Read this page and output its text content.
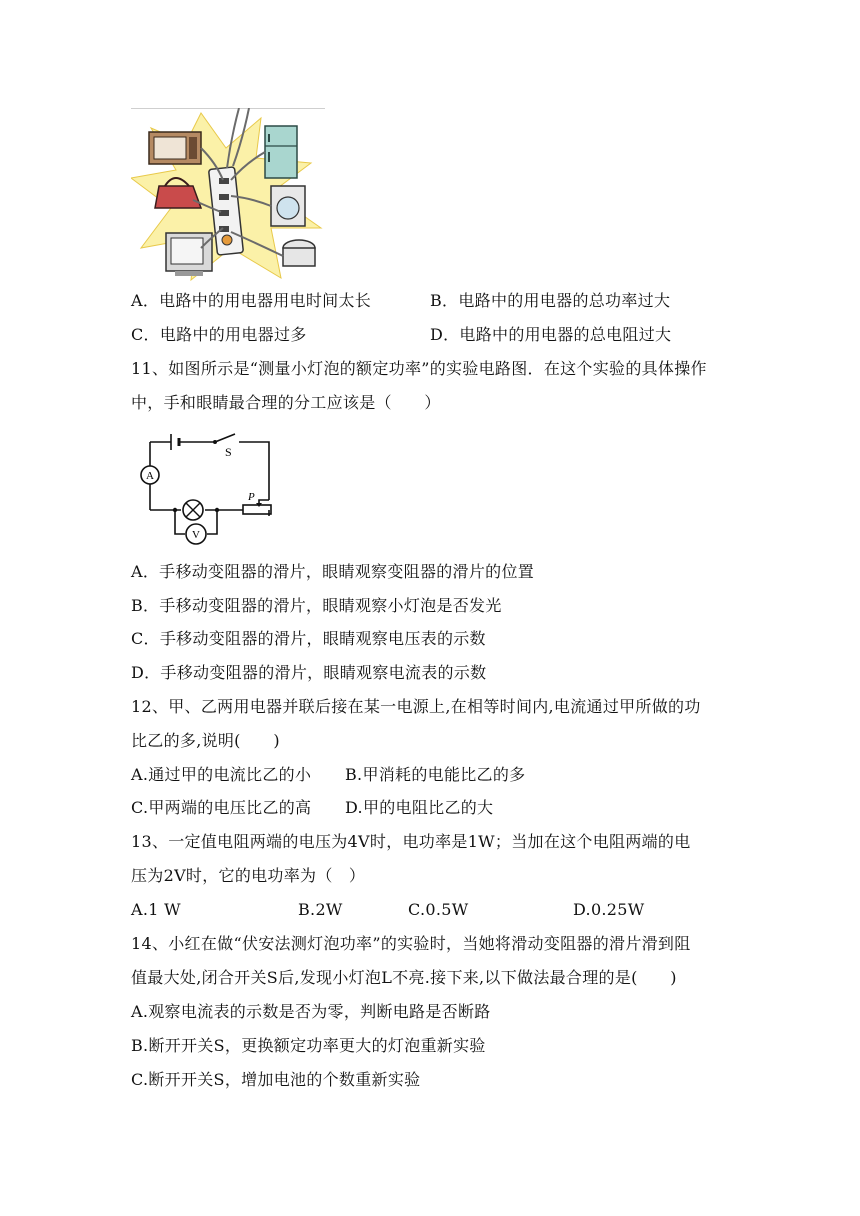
A．电路中的用电器用电时间太长	B．电路中的用电器的总功率过大
C．电路中的用电器过多	D．电路中的用电器的总电阻过大
11、如图所示是“测量小灯泡的额定功率”的实验电路图．在这个实验的具体操作
中，手和眼睛最合理的分工应该是（　　）
A
V
S
P
A．手移动变阻器的滑片，眼睛观察变阻器的滑片的位置
B．手移动变阻器的滑片，眼睛观察小灯泡是否发光
C．手移动变阻器的滑片，眼睛观察电压表的示数
D．手移动变阻器的滑片，眼睛观察电流表的示数
12、甲、乙两用电器并联后接在某一电源上,在相等时间内,电流通过甲所做的功
比乙的多,说明(　　)
A.通过甲的电流比乙的小 B.甲消耗的电能比乙的多
C.甲两端的电压比乙的高 D.甲的电阻比乙的大
13、一定值电阻两端的电压为4V时，电功率是1W；当加在这个电阻两端的电
压为2V时，它的电功率为（　）
A.1 W	B.2W	C.0.5W	D.0.25W
14、小红在做“伏安法测灯泡功率”的实验时，当她将滑动变阻器的滑片滑到阻
值最大处,闭合开关S后,发现小灯泡L不亮.接下来,以下做法最合理的是(　　)
A.观察电流表的示数是否为零，判断电路是否断路
B.断开开关S，更换额定功率更大的灯泡重新实验
C.断开开关S，增加电池的个数重新实验
